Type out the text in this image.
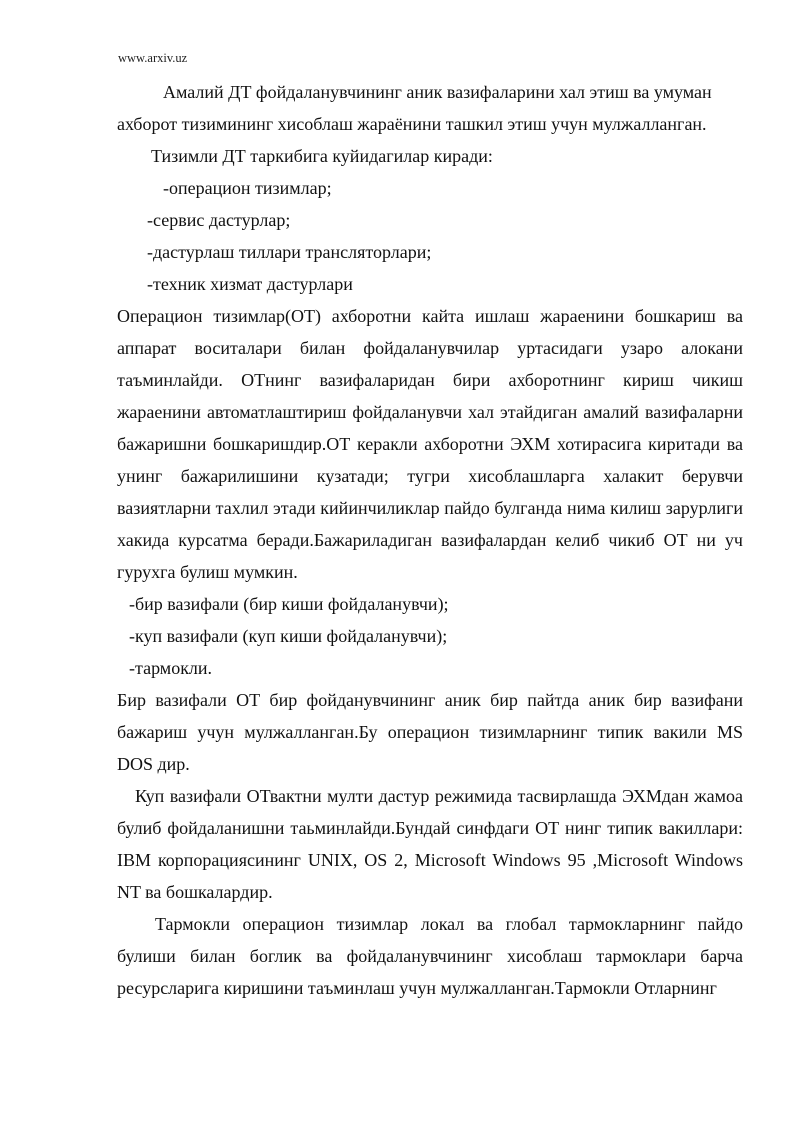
www.arxiv.uz

Амалий ДТ фойдаланувчининг аник вазифаларини хал этиш ва умуман

ахборот тизимининг хисоблаш жараёнини ташкил этиш учун мулжалланган.

Тизимли ДТ таркибига куйидагилар киради:

-операцион тизимлар;

-сервис дастурлар;

-дастурлаш тиллари трансляторлари;

-техник хизмат дастурлари

Операцион тизимлар(ОТ) ахборотни кайта ишлаш жараенини бошкариш ва аппарат воситалари билан фойдаланувчилар уртасидаги узаро алокани таъминлайди. ОТнинг вазифаларидан бири ахборотнинг кириш чикиш жараенини автоматлаштириш фойдаланувчи хал этайдиган амалий вазифаларни бажаришни бошкаришдир.ОТ керакли ахборотни ЭХМ хотирасига киритади ва унинг бажарилишини кузатади; тугри хисоблашларга халакит берувчи вазиятларни тахлил этади кийинчиликлар пайдо булганда нима килиш зарурлиги хакида курсатма беради.Бажариладиган вазифалардан келиб чикиб ОТ ни уч гурухга булиш мумкин.

-бир вазифали (бир киши фойдаланувчи);

-куп вазифали (куп киши фойдаланувчи);

-тармокли.

Бир вазифали ОТ бир фойданувчининг аник бир пайтда аник бир вазифани бажариш учун мулжалланган.Бу операцион тизимларнинг типик вакили MS DOS дир.

Куп вазифали ОТвактни мулти дастур режимида тасвирлашда ЭХМдан жамоа булиб фойдаланишни таьминлайди.Бундай синфдаги ОТ нинг типик вакиллари: IBM корпорациясининг UNIX, OS 2, Microsoft Windows 95 ,Microsoft Windows NT ва бошкалардир.

Тармокли операцион тизимлар локал ва глобал тармокларнинг пайдо булиши билан боглик ва фойдаланувчининг хисоблаш тармоклари барча ресурсларига киришини таъминлаш учун мулжалланган.Тармокли Отларнинг
